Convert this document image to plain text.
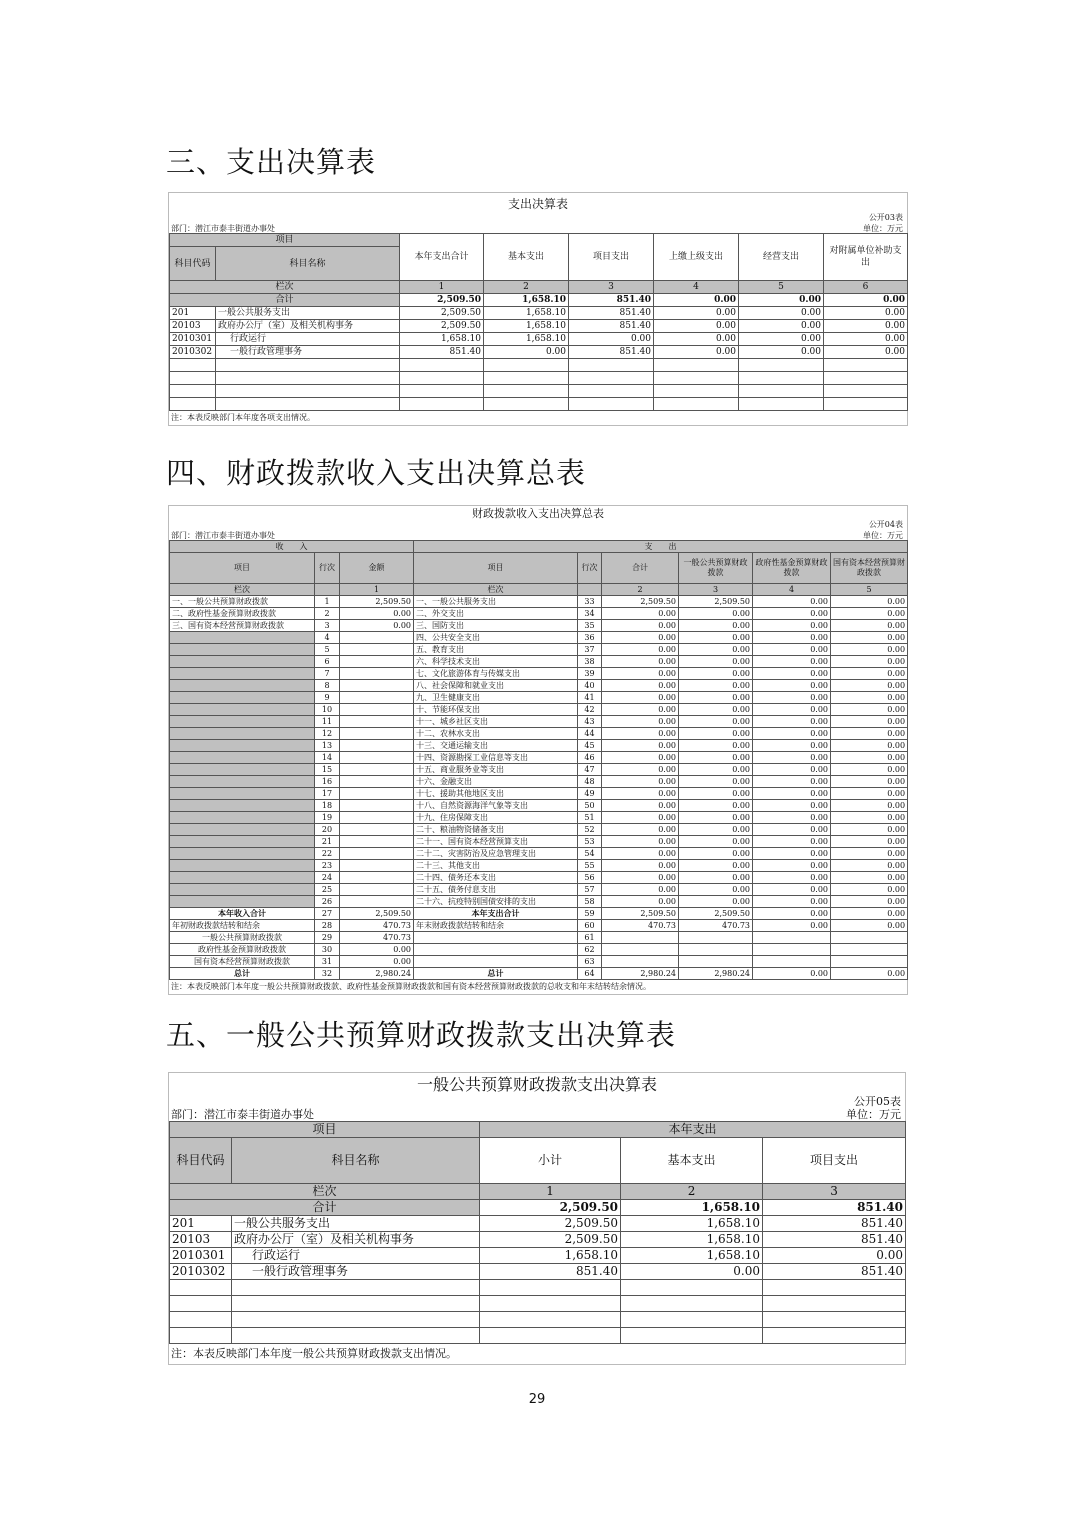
三、支出决算表
支出决算表
部门：潜江市泰丰街道办事处
公开03表
单位：万元
项目		本年支出合计	基本支出	项目支出	上缴上级支出	经营支出	对附属单位补助支出
科目代码	科目名称						
栏次		1	2	3	4	5	6
合计		2,509.50	1,658.10	851.40	0.00	0.00	0.00
201	一般公共服务支出	2,509.50	1,658.10	851.40	0.00	0.00	0.00
20103	政府办公厅（室）及相关机构事务	2,509.50	1,658.10	851.40	0.00	0.00	0.00
2010301	行政运行	1,658.10	1,658.10	0.00	0.00	0.00	0.00
2010302	一般行政管理事务	851.40	0.00	851.40	0.00	0.00	0.00

注：本表反映部门本年度各项支出情况。
四、财政拨款收入支出决算总表
财政拨款收入支出决算总表
部门：潜江市泰丰街道办事处
公开04表
单位：万元
收　　入			支　　出					
项目	行次	金额	项目	行次	合计	一般公共预算财政拨款	政府性基金预算财政拨款	国有资本经营预算财政拨款
栏次		1	栏次		2	3	4	5
一、一般公共预算财政拨款	1	2,509.50	一、一般公共服务支出	33	2,509.50	2,509.50	0.00	0.00
二、政府性基金预算财政拨款	2	0.00	二、外交支出	34	0.00	0.00	0.00	0.00
三、国有资本经营预算财政拨款	3	0.00	三、国防支出	35	0.00	0.00	0.00	0.00
	4		四、公共安全支出	36	0.00	0.00	0.00	0.00
	5		五、教育支出	37	0.00	0.00	0.00	0.00
	6		六、科学技术支出	38	0.00	0.00	0.00	0.00
	7		七、文化旅游体育与传媒支出	39	0.00	0.00	0.00	0.00
	8		八、社会保障和就业支出	40	0.00	0.00	0.00	0.00
	9		九、卫生健康支出	41	0.00	0.00	0.00	0.00
	10		十、节能环保支出	42	0.00	0.00	0.00	0.00
	11		十一、城乡社区支出	43	0.00	0.00	0.00	0.00
	12		十二、农林水支出	44	0.00	0.00	0.00	0.00
	13		十三、交通运输支出	45	0.00	0.00	0.00	0.00
	14		十四、资源勘探工业信息等支出	46	0.00	0.00	0.00	0.00
	15		十五、商业服务业等支出	47	0.00	0.00	0.00	0.00
	16		十六、金融支出	48	0.00	0.00	0.00	0.00
	17		十七、援助其他地区支出	49	0.00	0.00	0.00	0.00
	18		十八、自然资源海洋气象等支出	50	0.00	0.00	0.00	0.00
	19		十九、住房保障支出	51	0.00	0.00	0.00	0.00
	20		二十、粮油物资储备支出	52	0.00	0.00	0.00	0.00
	21		二十一、国有资本经营预算支出	53	0.00	0.00	0.00	0.00
	22		二十二、灾害防治及应急管理支出	54	0.00	0.00	0.00	0.00
	23		二十三、其他支出	55	0.00	0.00	0.00	0.00
	24		二十四、债务还本支出	56	0.00	0.00	0.00	0.00
	25		二十五、债务付息支出	57	0.00	0.00	0.00	0.00
	26		二十六、抗疫特别国债安排的支出	58	0.00	0.00	0.00	0.00
本年收入合计	27	2,509.50	本年支出合计	59	2,509.50	2,509.50	0.00	0.00
年初财政拨款结转和结余	28	470.73	年末财政拨款结转和结余	60	470.73	470.73	0.00	0.00
一般公共预算财政拨款	29	470.73		61				
政府性基金预算财政拨款	30	0.00		62				
国有资本经营预算财政拨款	31	0.00		63				
总计	32	2,980.24	总计	64	2,980.24	2,980.24	0.00	0.00
注：本表反映部门本年度一般公共预算财政拨款、政府性基金预算财政拨款和国有资本经营预算财政拨款的总收支和年末结转结余情况。
五、一般公共预算财政拨款支出决算表
一般公共预算财政拨款支出决算表
部门：潜江市泰丰街道办事处
公开05表
单位：万元
项目		本年支出		
科目代码	科目名称	小计	基本支出	项目支出
栏次		1	2	3
合计		2,509.50	1,658.10	851.40
201	一般公共服务支出	2,509.50	1,658.10	851.40
20103	政府办公厅（室）及相关机构事务	2,509.50	1,658.10	851.40
2010301	行政运行	1,658.10	1,658.10	0.00
2010302	一般行政管理事务	851.40	0.00	851.40

注：本表反映部门本年度一般公共预算财政拨款支出情况。
29
